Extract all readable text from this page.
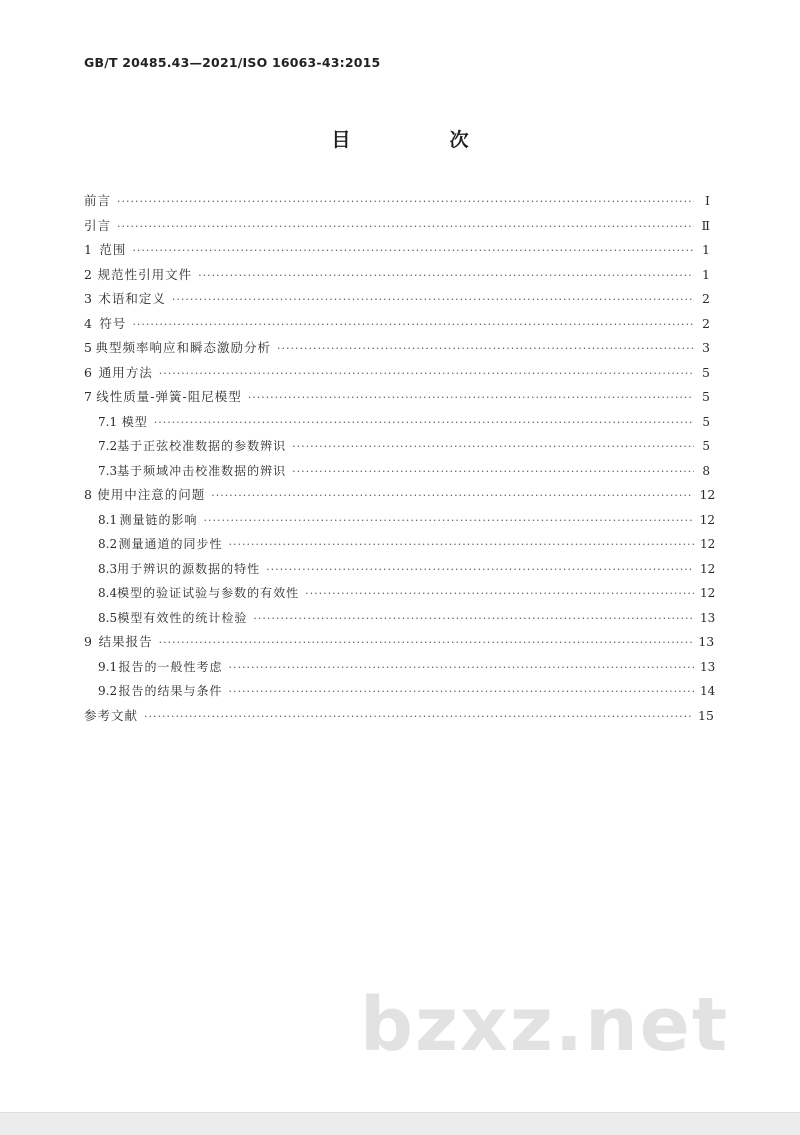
GB/T 20485.43—2021/ISO 16063-43:2015
目　次
前言 ·····	Ⅰ
引言 ·····	Ⅱ
1 范围 ·····	1
2 规范性引用文件 ·····	1
3 术语和定义 ·····	2
4 符号 ·····	2
5 典型频率响应和瞬态激励分析 ·····	3
6 通用方法 ·····	5
7 线性质量-弹簧-阻尼模型 ·····	5
7.1 模型 ·····	5
7.2 基于正弦校准数据的参数辨识 ·····	5
7.3 基于频域冲击校准数据的辨识 ·····	8
8 使用中注意的问题 ·····	12
8.1 测量链的影响 ·····	12
8.2 测量通道的同步性 ·····	12
8.3 用于辨识的源数据的特性 ·····	12
8.4 模型的验证试验与参数的有效性 ·····	12
8.5 模型有效性的统计检验 ·····	13
9 结果报告 ·····	13
9.1 报告的一般性考虑 ·····	13
9.2 报告的结果与条件 ·····	14
参考文献 ·····	15
bzxz.net
